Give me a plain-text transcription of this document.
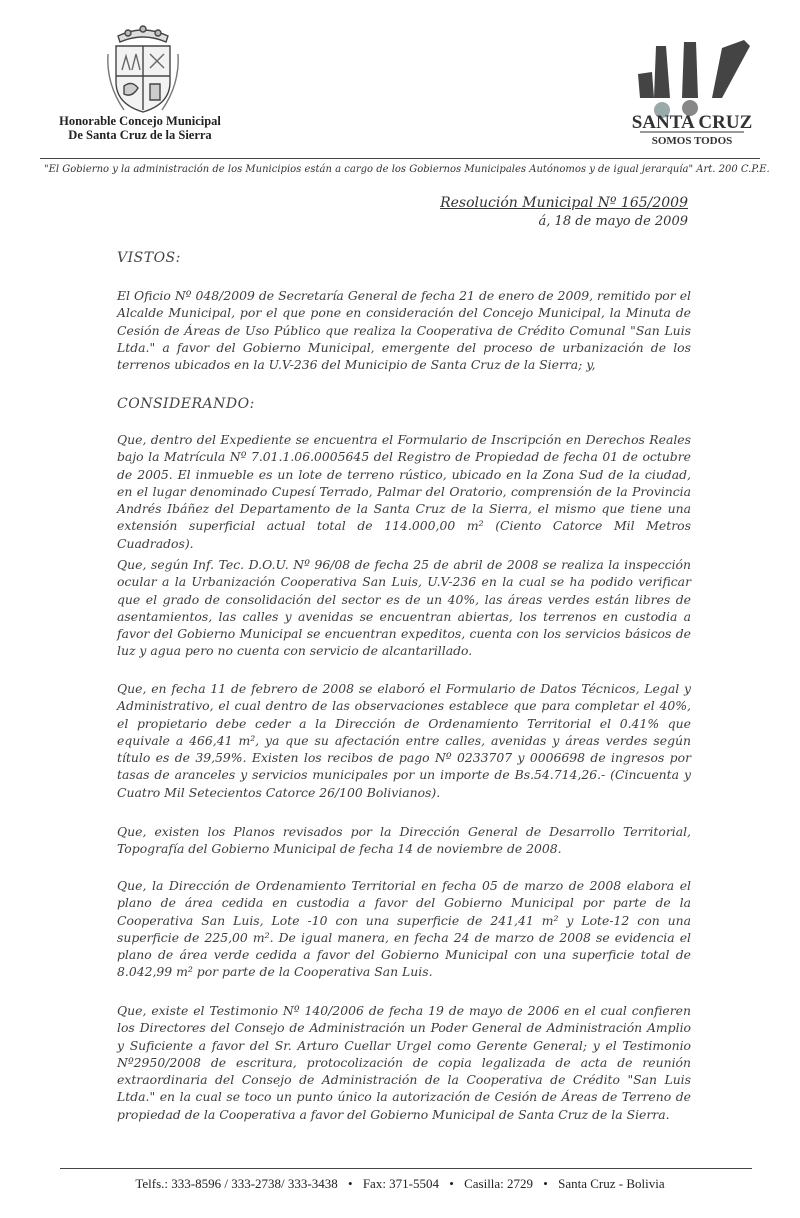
Honorable Concejo Municipal
De Santa Cruz de la Sierra
SANTA CRUZ
SOMOS TODOS
"El Gobierno y la administración de los Municipios están a cargo de los Gobiernos Municipales Autónomos y de igual jerarquía" Art. 200 C.P.E.
Resolución Municipal Nº 165/2009
á, 18 de mayo de 2009
VISTOS:
El Oficio Nº 048/2009 de Secretaría General de fecha 21 de enero de 2009, remitido por el Alcalde Municipal, por el que pone en consideración del Concejo Municipal, la Minuta de Cesión de Áreas de Uso Público que realiza la Cooperativa de Crédito Comunal "San Luis Ltda." a favor del Gobierno Municipal, emergente del proceso de urbanización de los terrenos ubicados en la U.V-236 del Municipio de Santa Cruz de la Sierra; y,
CONSIDERANDO:
Que, dentro del Expediente se encuentra el Formulario de Inscripción en Derechos Reales bajo la Matrícula Nº 7.01.1.06.0005645 del Registro de Propiedad de fecha 01 de octubre de 2005. El inmueble es un lote de terreno rústico, ubicado en la Zona Sud de la ciudad, en el lugar denominado Cupesí Terrado, Palmar del Oratorio, comprensión de la Provincia Andrés Ibáñez del Departamento de la Santa Cruz de la Sierra, el mismo que tiene una extensión superficial actual total de 114.000,00 m² (Ciento Catorce Mil Metros Cuadrados).
Que, según Inf. Tec. D.O.U. Nº 96/08 de fecha 25 de abril de 2008 se realiza la inspección ocular a la Urbanización Cooperativa San Luis, U.V-236 en la cual se ha podido verificar que el grado de consolidación del sector es de un 40%, las áreas verdes están libres de asentamientos, las calles y avenidas se encuentran abiertas, los terrenos en custodia a favor del Gobierno Municipal se encuentran expeditos, cuenta con los servicios básicos de luz y agua pero no cuenta con servicio de alcantarillado.
Que, en fecha 11 de febrero de 2008 se elaboró el Formulario de Datos Técnicos, Legal y Administrativo, el cual dentro de las observaciones establece que para completar el 40%, el propietario debe ceder a la Dirección de Ordenamiento Territorial el 0.41% que equivale a 466,41 m², ya que su afectación entre calles, avenidas y áreas verdes según título es de 39,59%. Existen los recibos de pago Nº 0233707 y 0006698 de ingresos por tasas de aranceles y servicios municipales por un importe de Bs.54.714,26.- (Cincuenta y Cuatro Mil Setecientos Catorce 26/100 Bolivianos).
Que, existen los Planos revisados por la Dirección General de Desarrollo Territorial, Topografía del Gobierno Municipal de fecha 14 de noviembre de 2008.
Que, la Dirección de Ordenamiento Territorial en fecha 05 de marzo de 2008 elabora el plano de área cedida en custodia a favor del Gobierno Municipal por parte de la Cooperativa San Luis, Lote -10 con una superficie de 241,41 m² y Lote-12 con una superficie de 225,00 m². De igual manera, en fecha 24 de marzo de 2008 se evidencia el plano de área verde cedida a favor del Gobierno Municipal con una superficie total de 8.042,99 m² por parte de la Cooperativa San Luis.
Que, existe el Testimonio Nº 140/2006 de fecha 19 de mayo de 2006 en el cual confieren los Directores del Consejo de Administración un Poder General de Administración Amplio y Suficiente a favor del Sr. Arturo Cuellar Urgel como Gerente General; y el Testimonio Nº2950/2008 de escritura, protocolización de copia legalizada de acta de reunión extraordinaria del Consejo de Administración de la Cooperativa de Crédito "San Luis Ltda." en la cual se toco un punto único la autorización de Cesión de Áreas de Terreno de propiedad de la Cooperativa a favor del Gobierno Municipal de Santa Cruz de la Sierra.
Telfs.: 333-8596 / 333-2738/ 333-3438 • Fax: 371-5504 • Casilla: 2729 • Santa Cruz - Bolivia
